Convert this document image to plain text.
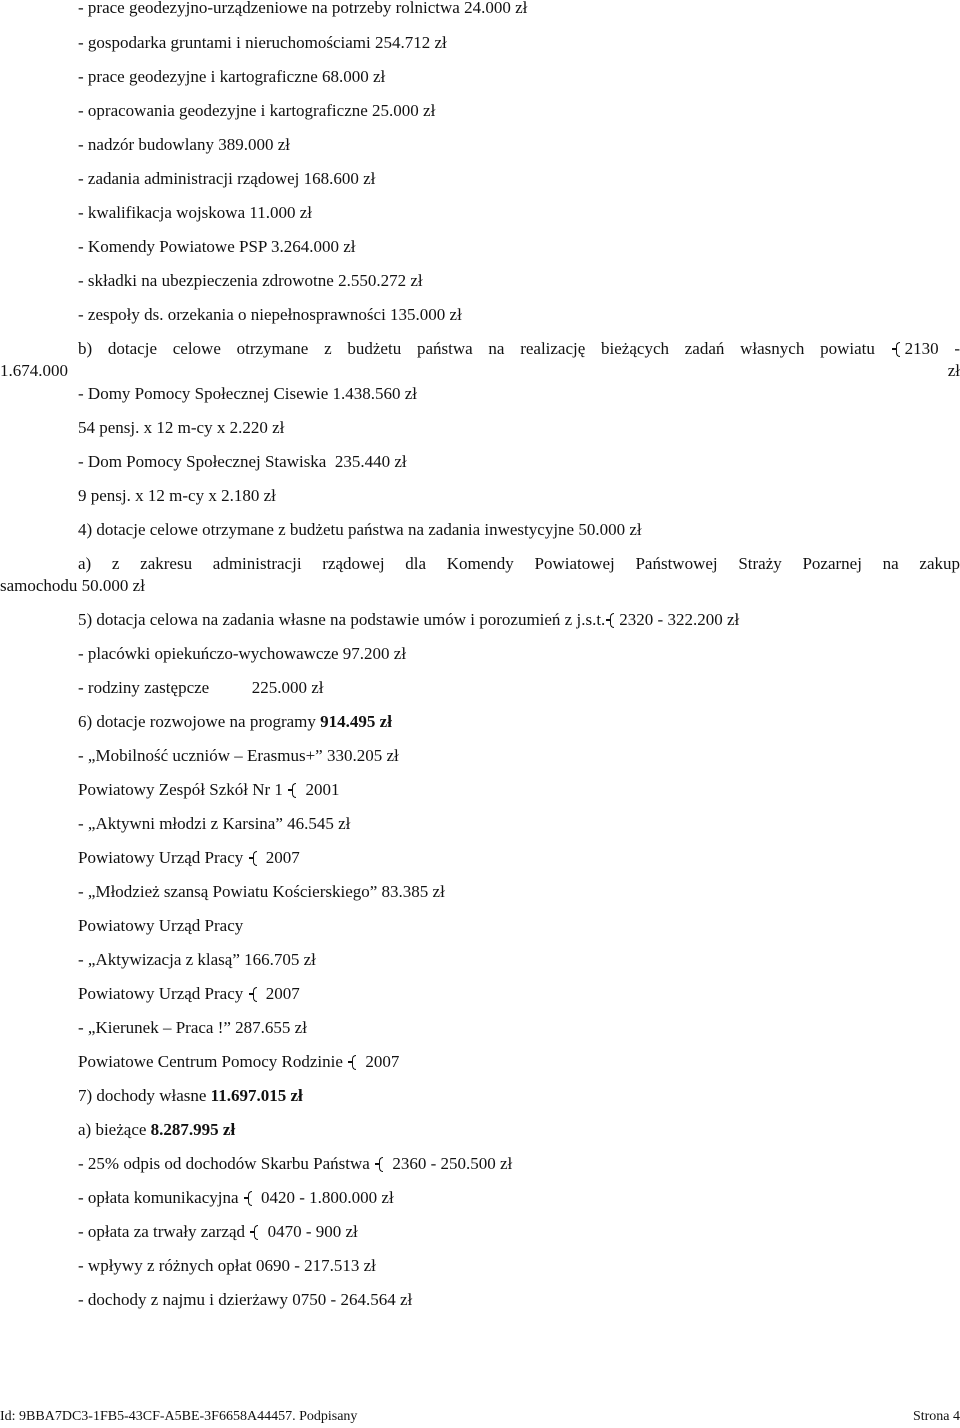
- prace geodezyjno-urządzeniowe na potrzeby rolnictwa 24.000 zł
- gospodarka gruntami i nieruchomościami 254.712 zł
- prace geodezyjne i kartograficzne 68.000 zł
- opracowania geodezyjne i kartograficzne 25.000 zł
- nadzór budowlany 389.000 zł
- zadania administracji rządowej 168.600 zł
- kwalifikacja wojskowa 11.000 zł
- Komendy Powiatowe PSP 3.264.000 zł
- składki na ubezpieczenia zdrowotne 2.550.272 zł
- zespoły ds. orzekania o niepełnosprawności 135.000 zł
b) dotacje celowe otrzymane z budżetu państwa na realizację bieżących zadań własnych powiatu 2130 -
1.674.000	zł
- Domy Pomocy Społecznej Cisewie 1.438.560 zł
54 pensj. x 12 m-cy x 2.220 zł
- Dom Pomocy Społecznej Stawiska  235.440 zł
9 pensj. x 12 m-cy x 2.180 zł
4) dotacje celowe otrzymane z budżetu państwa na zadania inwestycyjne 50.000 zł
a) z zakresu administracji rządowej dla Komendy Powiatowej Państwowej Straży Pozarnej na zakup
samochodu 50.000 zł
5) dotacja celowa na zadania własne na podstawie umów i porozumień z j.s.t. 2320 - 322.200 zł
- placówki opiekuńczo-wychowawcze 97.200 zł
- rodziny zastępcze          225.000 zł
6) dotacje rozwojowe na programy 914.495 zł
- „Mobilność uczniów – Erasmus+” 330.205 zł
Powiatowy Zespół Szkół Nr 1 2001
- „Aktywni młodzi z Karsina” 46.545 zł
Powiatowy Urząd Pracy 2007
- „Młodzież szansą Powiatu Kościerskiego” 83.385 zł
Powiatowy Urząd Pracy
- „Aktywizacja z klasą” 166.705 zł
Powiatowy Urząd Pracy 2007
- „Kierunek – Praca !” 287.655 zł
Powiatowe Centrum Pomocy Rodzinie 2007
7) dochody własne 11.697.015 zł
a) bieżące 8.287.995 zł
- 25% odpis od dochodów Skarbu Państwa 2360 - 250.500 zł
- opłata komunikacyjna 0420 - 1.800.000 zł
- opłata za trwały zarząd 0470 - 900 zł
- wpływy z różnych opłat 0690 - 217.513 zł
- dochody z najmu i dzierżawy 0750 - 264.564 zł
Id: 9BBA7DC3-1FB5-43CF-A5BE-3F6658A44457. Podpisany	Strona 4
